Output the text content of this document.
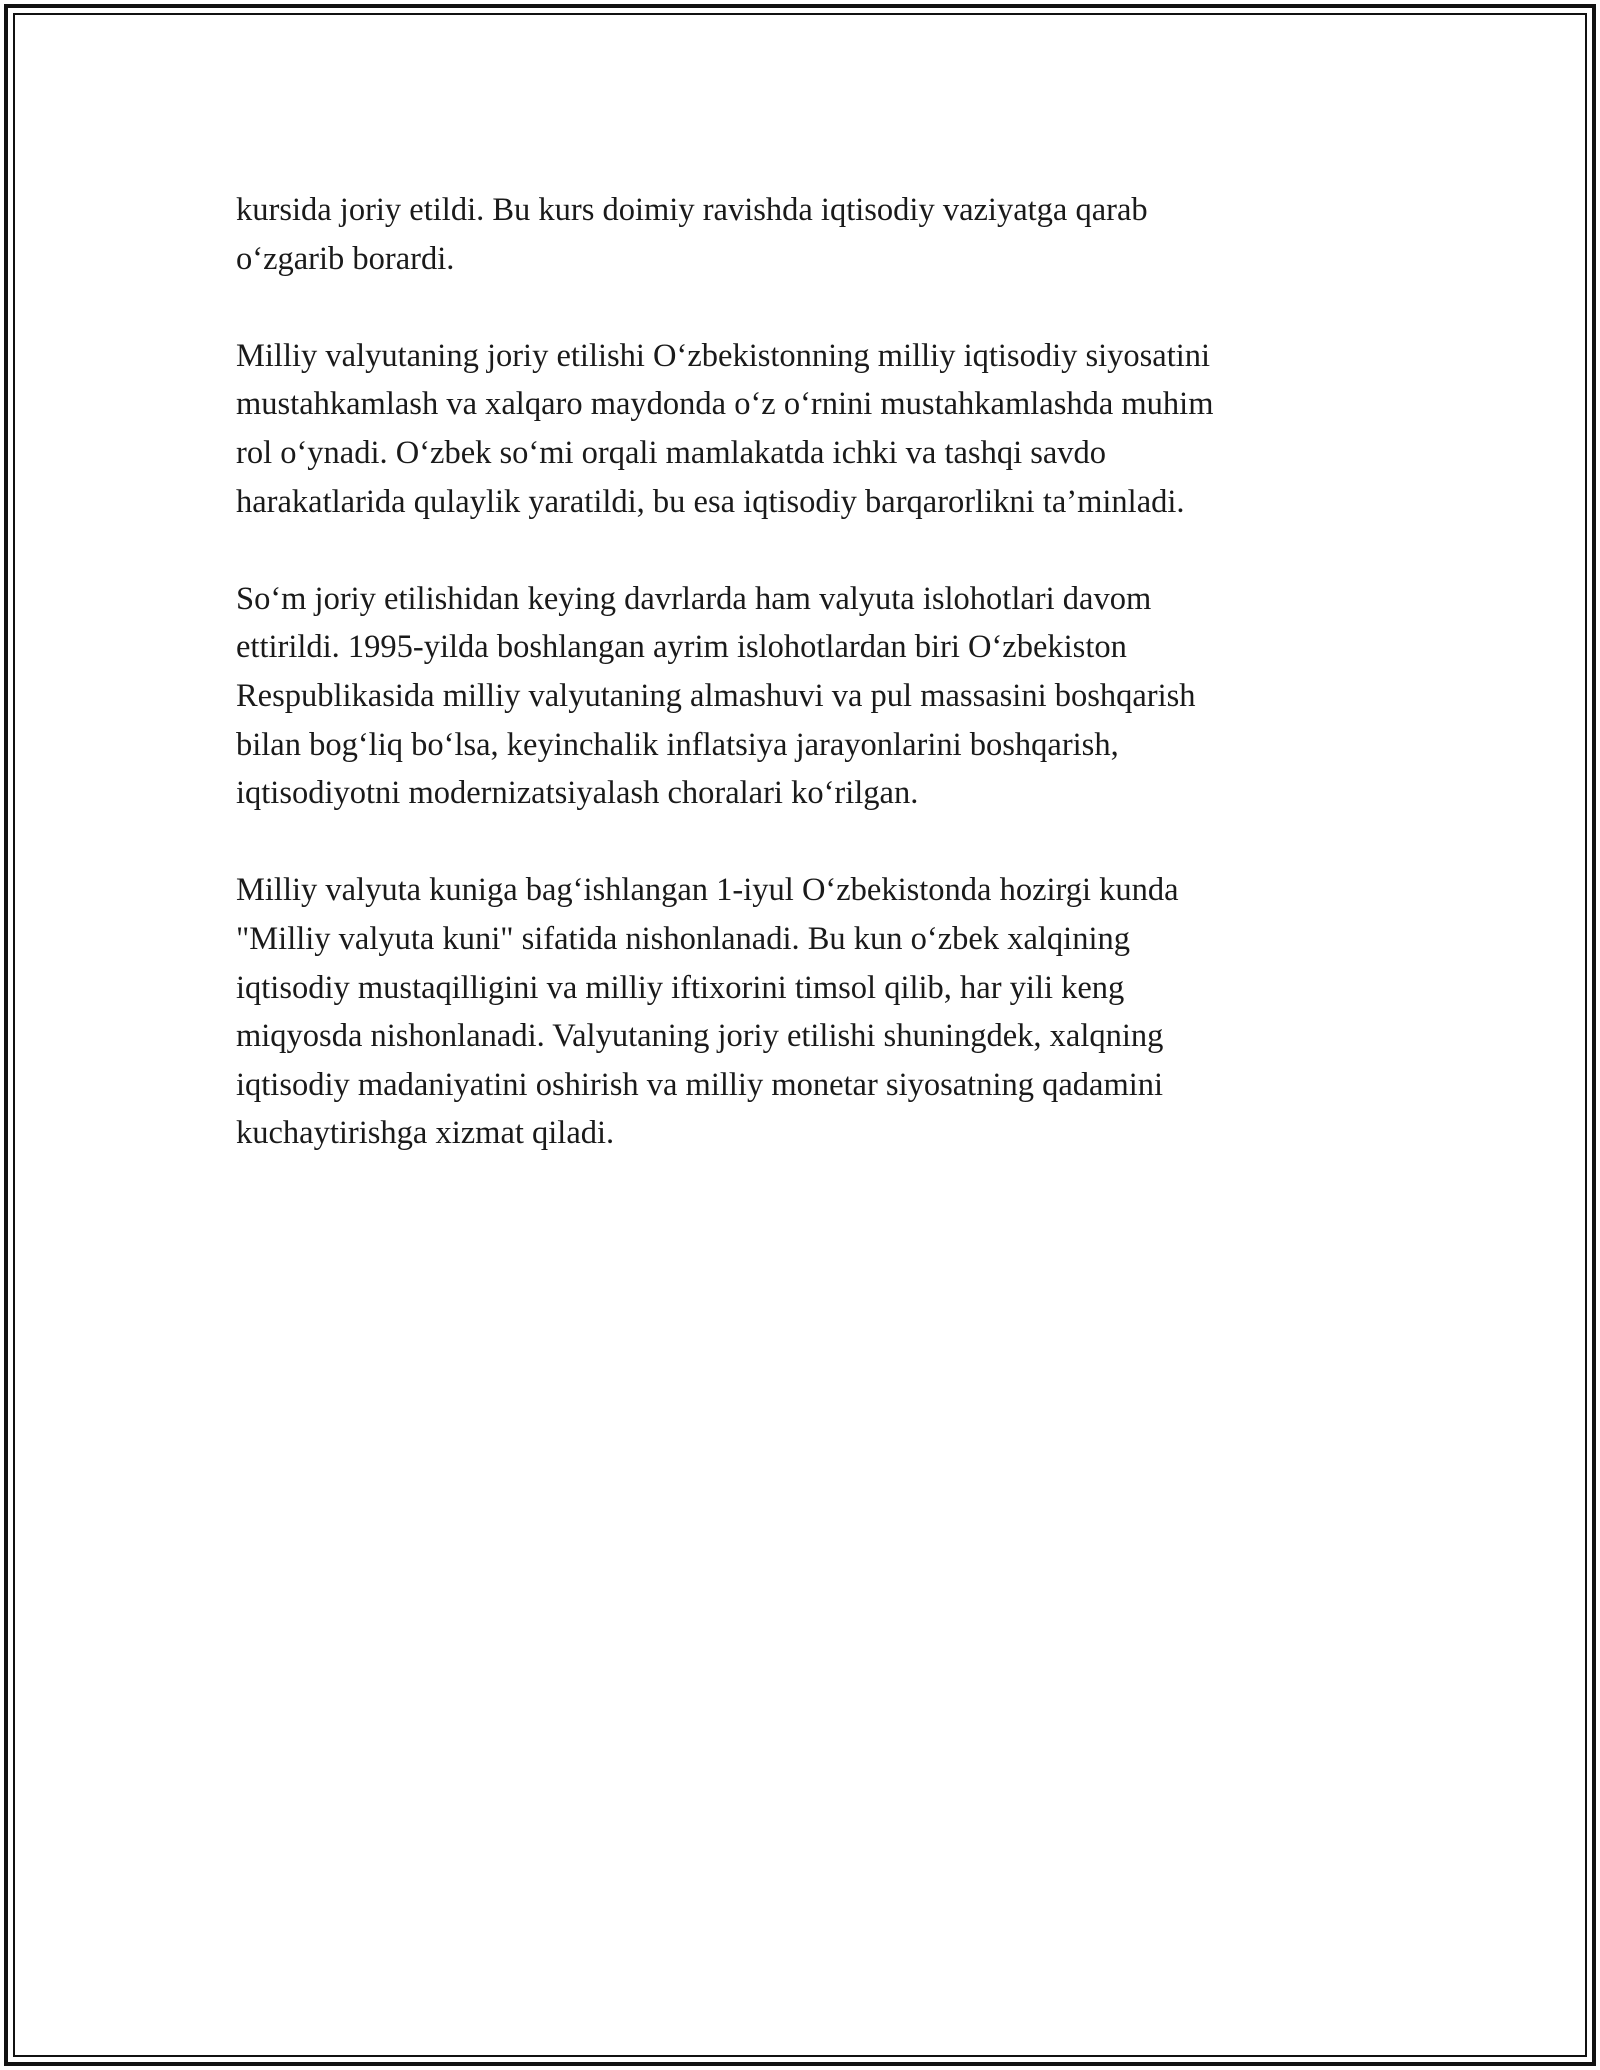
kursida joriy etildi. Bu kurs doimiy ravishda iqtisodiy vaziyatga qarab
o‘zgarib borardi.

Milliy valyutaning joriy etilishi O‘zbekistonning milliy iqtisodiy siyosatini
mustahkamlash va xalqaro maydonda o‘z o‘rnini mustahkamlashda muhim
rol o‘ynadi. O‘zbek so‘mi orqali mamlakatda ichki va tashqi savdo
harakatlarida qulaylik yaratildi, bu esa iqtisodiy barqarorlikni ta’minladi.

So‘m joriy etilishidan keying davrlarda ham valyuta islohotlari davom
ettirildi. 1995-yilda boshlangan ayrim islohotlardan biri O‘zbekiston
Respublikasida milliy valyutaning almashuvi va pul massasini boshqarish
bilan bog‘liq bo‘lsa, keyinchalik inflatsiya jarayonlarini boshqarish,
iqtisodiyotni modernizatsiyalash choralari ko‘rilgan.

Milliy valyuta kuniga bag‘ishlangan 1-iyul O‘zbekistonda hozirgi kunda
"Milliy valyuta kuni" sifatida nishonlanadi. Bu kun o‘zbek xalqining
iqtisodiy mustaqilligini va milliy iftixorini timsol qilib, har yili keng
miqyosda nishonlanadi. Valyutaning joriy etilishi shuningdek, xalqning
iqtisodiy madaniyatini oshirish va milliy monetar siyosatning qadamini
kuchaytirishga xizmat qiladi.
